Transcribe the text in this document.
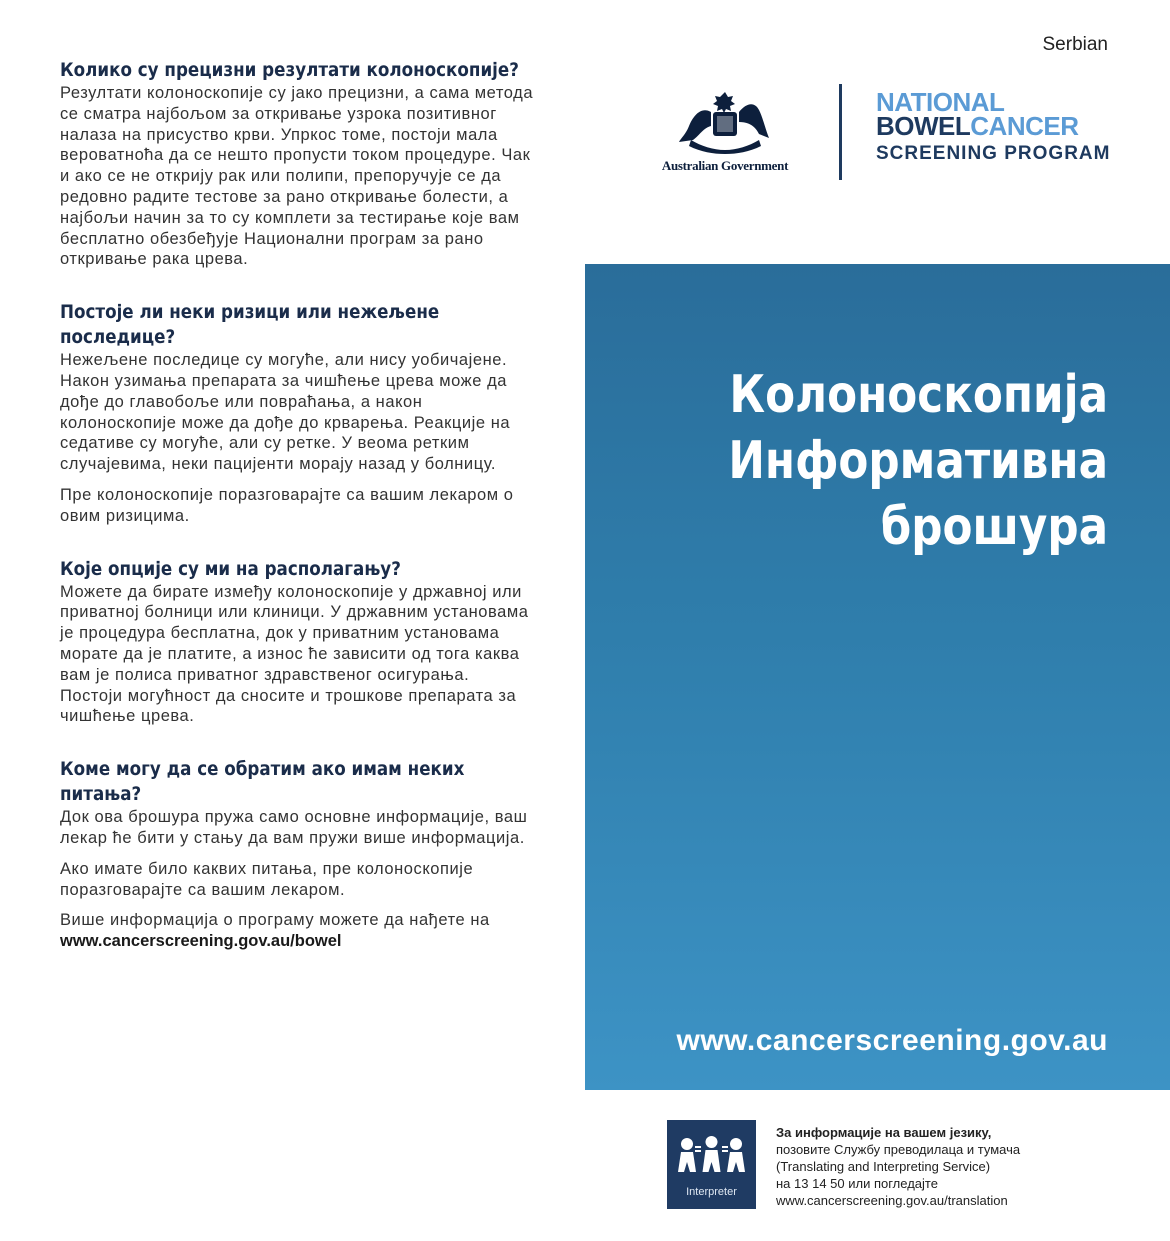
Serbian
Колико су прецизни резултати колоноскопије?

Резултати колоноскопије су јако прецизни, а сама метода се сматра најбољом за откривање узрока позитивног налаза на присуство крви. Упркос томе, постоји мала вероватноћа да се нешто пропусти током процедуре. Чак и ако се не открију рак или полипи, препоручује се да редовно радите тестове за рано откривање болести, а најбољи начин за то су комплети за тестирање које вам бесплатно обезбеђује Национални програм за рано откривање рака црева.

Постоје ли неки ризици или нежељене последице?

Нежељене последице су могуће, али нису уобичајене. Након узимања препарата за чишћење црева може да дође до главобоље или повраћања, а након колоноскопије може да дође до крварења. Реакције на седативе су могуће, али су ретке. У веома ретким случајевима, неки пацијенти морају назад у болницу.

Пре колоноскопије поразговарајте са вашим лекаром о овим ризицима.

Које опције су ми на располагању?

Можете да бирате између колоноскопије у државној или приватној болници или клиници. У државним установама је процедура бесплатна, док у приватним установама морате да је платите, а износ ће зависити од тога каква вам је полиса приватног здравственог осигурања. Постоји могућност да сносите и трошкове препарата за чишћење црева.

Коме могу да се обратим ако имам неких питања?

Док ова брошура пружа само основне информације, ваш лекар ће бити у стању да вам пружи више информација.

Ако имате било каквих питања, пре колоноскопије поразговарајте са вашим лекаром.

Више информација о програму можете да нађете на www.cancerscreening.gov.au/bowel

Australian Government
NATIONAL
BOWELCANCER
SCREENING PROGRAM
Колоноскопија
Информативна
брошура
www.cancerscreening.gov.au
Interpreter
За информације на вашем језику,
позовите Службу преводилаца и тумача
(Translating and Interpreting Service)
на 13 14 50 или погледајте
www.cancerscreening.gov.au/translation
